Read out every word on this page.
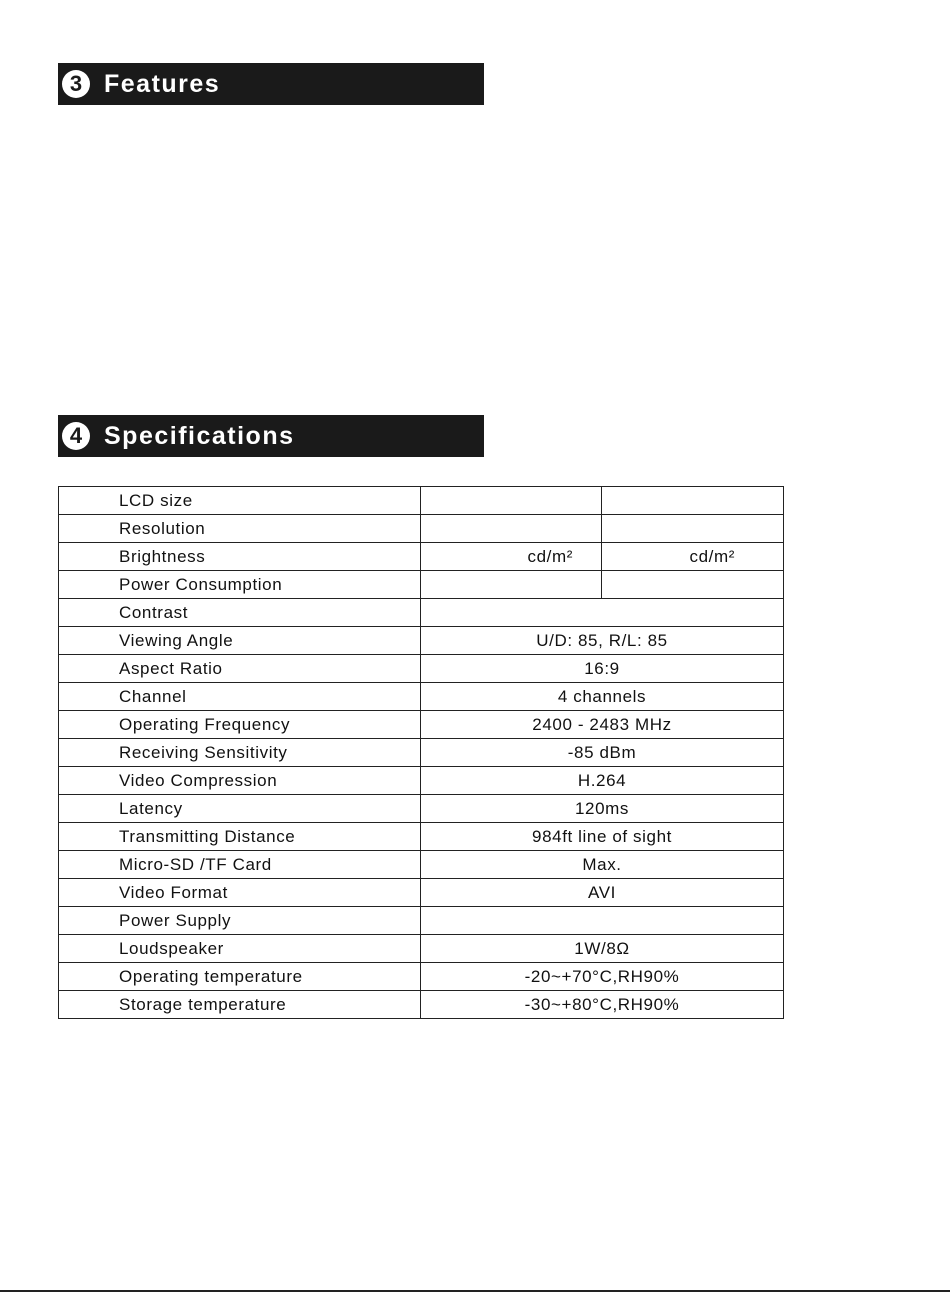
3 Features
4 Specifications
LCD size		
Resolution		
Brightness	cd/m²	cd/m²
Power Consumption		
Contrast		
Viewing Angle	U/D: 85, R/L: 85	
Aspect Ratio	16:9	
Channel	4 channels	
Operating Frequency	2400 - 2483 MHz	
Receiving Sensitivity	-85 dBm	
Video Compression	H.264	
Latency	120ms	
Transmitting Distance	984ft line of sight	
Micro-SD /TF Card	Max.	
Video Format	AVI	
Power Supply		
Loudspeaker	1W/8Ω	
Operating temperature	-20~+70°C,RH90%	
Storage temperature	-30~+80°C,RH90%	
